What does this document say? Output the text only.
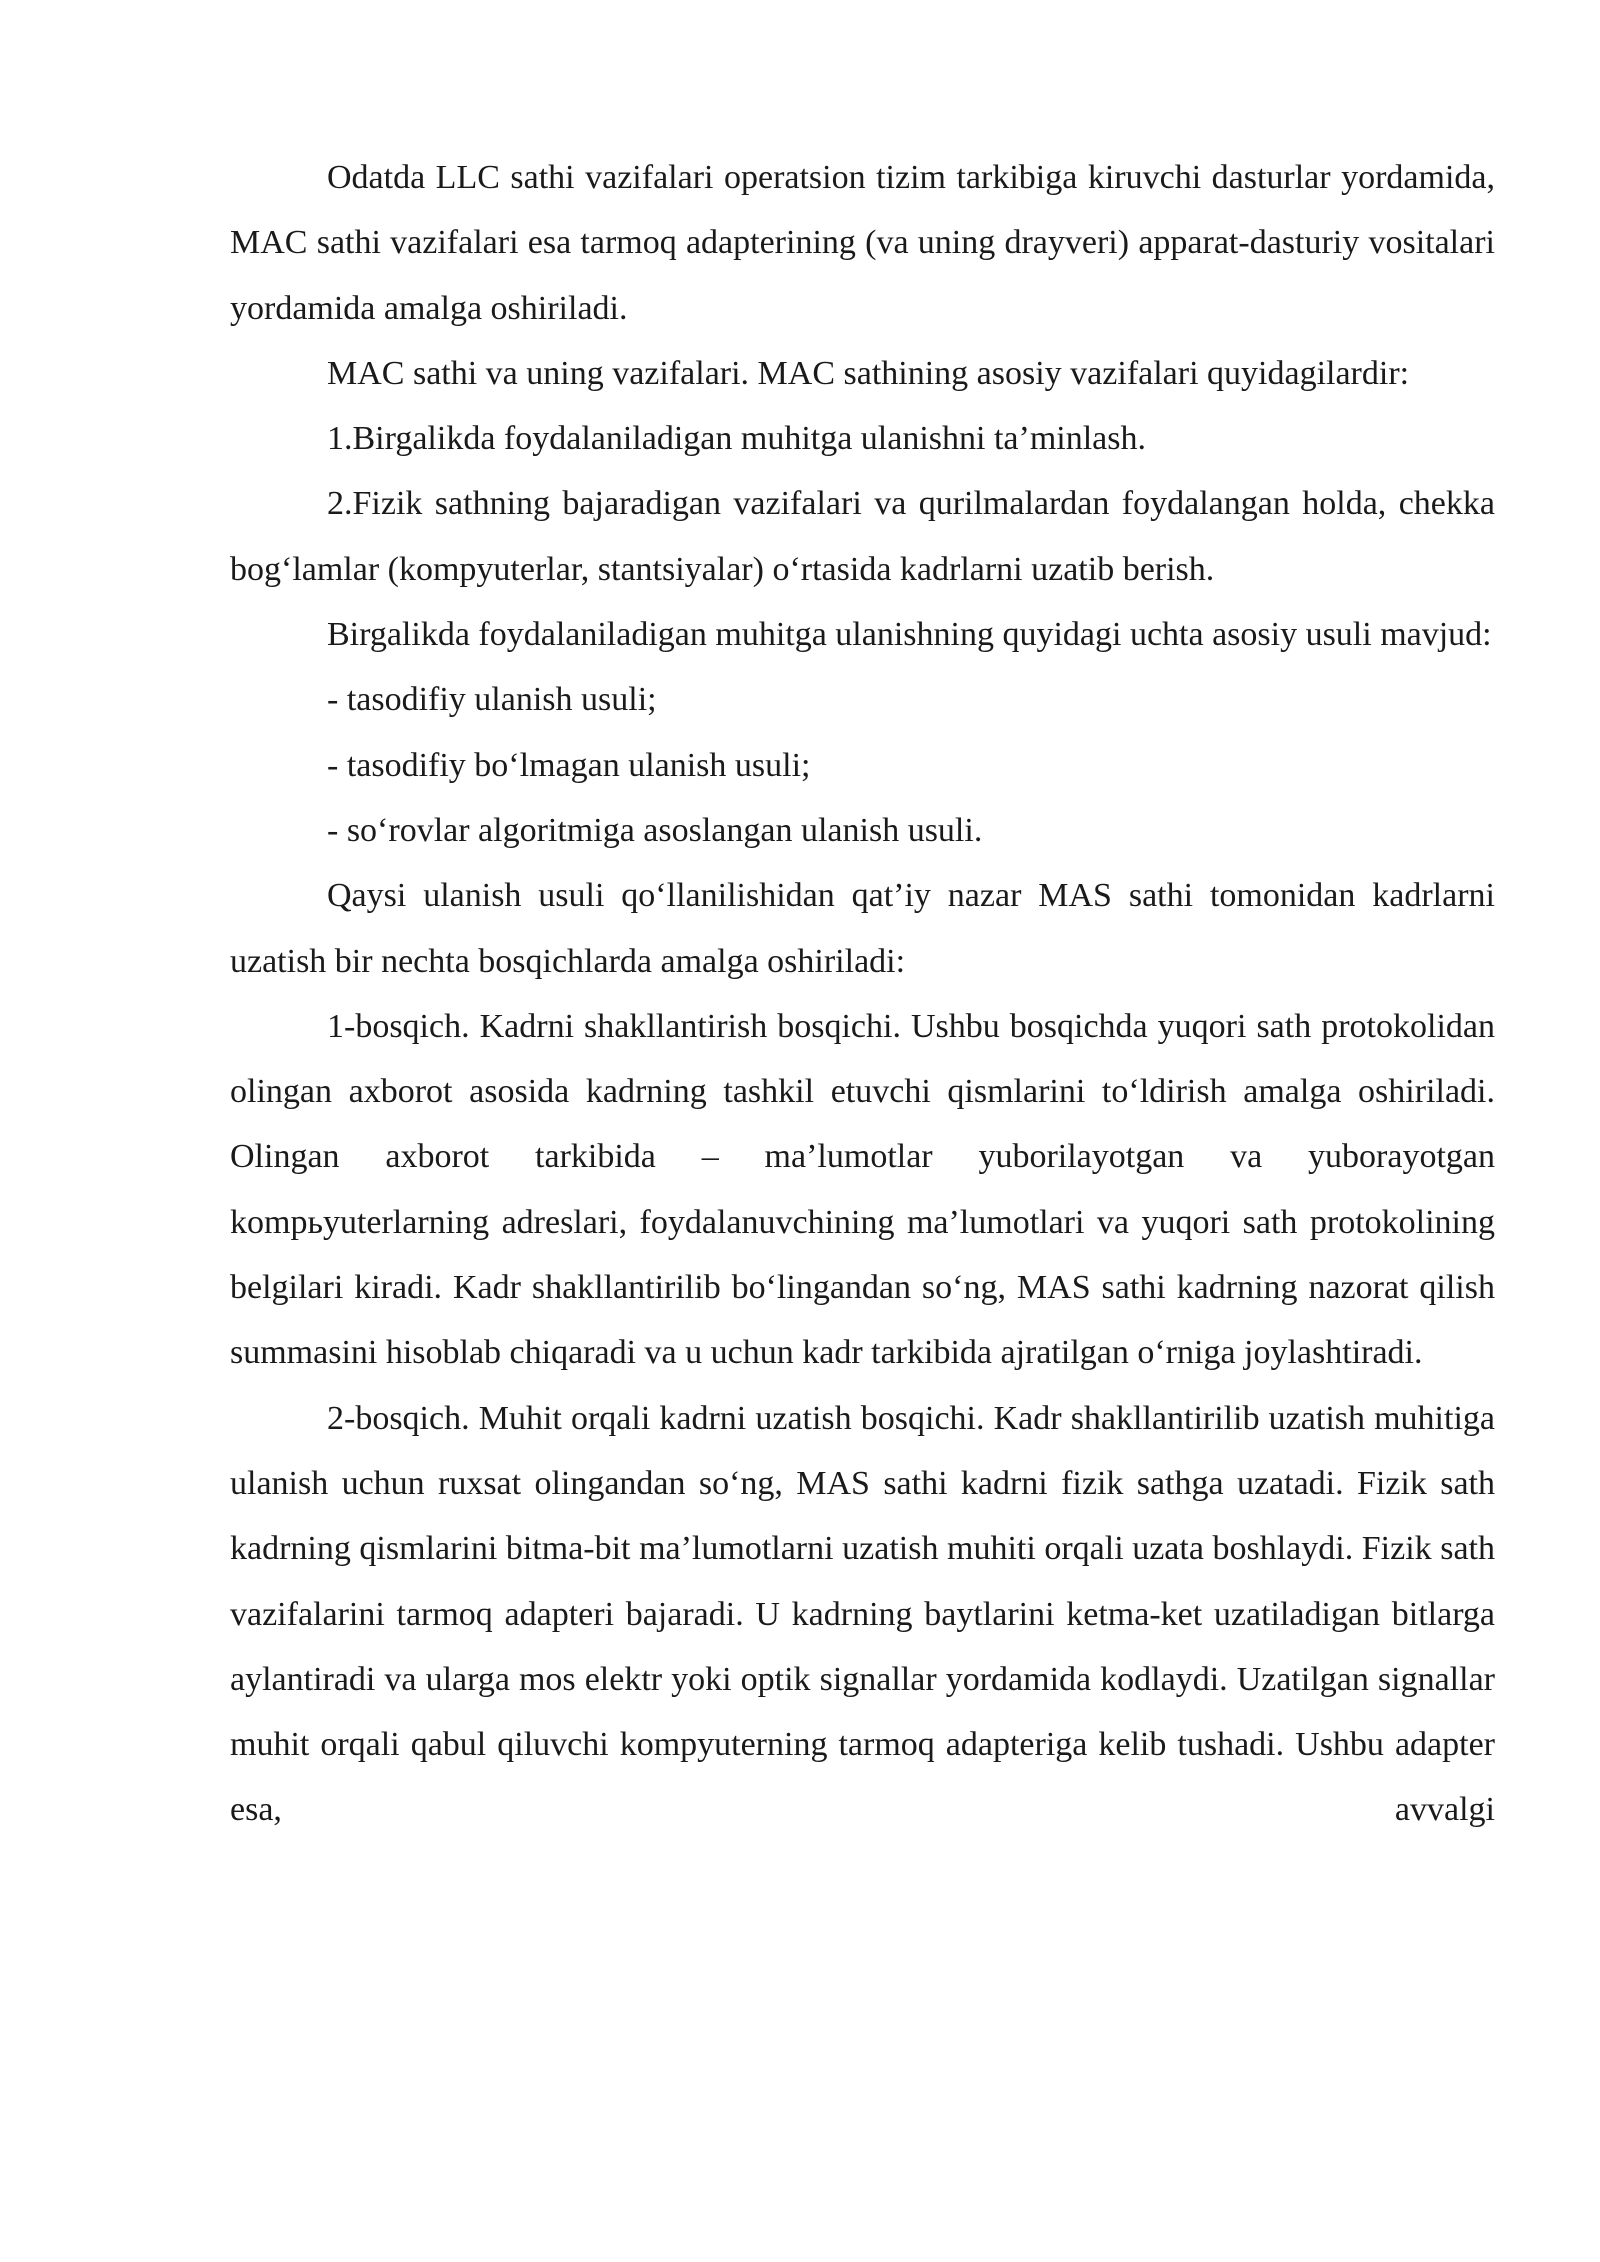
Odatda LLC sathi vazifalari operatsion tizim tarkibiga kiruvchi dasturlar yordamida, MAC sathi vazifalari esa tarmoq adapterining (va uning drayveri) apparat-dasturiy vositalari yordamida amalga oshiriladi.

MAC sathi va uning vazifalari. MAC sathining asosiy vazifalari quyidagilardir:

1.Birgalikda foydalaniladigan muhitga ulanishni ta’minlash.

2.Fizik sathning bajaradigan vazifalari va qurilmalardan foydalangan holda, chekka bog‘lamlar (kompyuterlar, stantsiyalar) o‘rtasida kadrlarni uzatib berish.

Birgalikda foydalaniladigan muhitga ulanishning quyidagi uchta asosiy usuli mavjud:

- tasodifiy ulanish usuli;

- tasodifiy bo‘lmagan ulanish usuli;

- so‘rovlar algoritmiga asoslangan ulanish usuli.

Qaysi ulanish usuli qo‘llanilishidan qat’iy nazar MAS sathi tomonidan kadrlarni uzatish bir nechta bosqichlarda amalga oshiriladi:

1-bosqich. Kadrni shakllantirish bosqichi. Ushbu bosqichda yuqori sath protokolidan olingan axborot asosida kadrning tashkil etuvchi qismlarini to‘ldirish amalga oshiriladi. Olingan axborot tarkibida – ma’lumotlar yuborilayotgan va yuborayotgan kompьyuterlarning adreslari, foydalanuvchining ma’lumotlari va yuqori sath protokolining belgilari kiradi. Kadr shakllantirilib bo‘lingandan so‘ng, MAS sathi kadrning nazorat qilish summasini hisoblab chiqaradi va u uchun kadr tarkibida ajratilgan o‘rniga joylashtiradi.

2-bosqich. Muhit orqali kadrni uzatish bosqichi. Kadr shakllantirilib uzatish muhitiga ulanish uchun ruxsat olingandan so‘ng, MAS sathi kadrni fizik sathga uzatadi. Fizik sath kadrning qismlarini bitma-bit ma’lumotlarni uzatish muhiti orqali uzata boshlaydi. Fizik sath vazifalarini tarmoq adapteri bajaradi. U kadrning baytlarini ketma-ket uzatiladigan bitlarga aylantiradi va ularga mos elektr yoki optik signallar yordamida kodlaydi. Uzatilgan signallar muhit orqali qabul qiluvchi kompyuterning tarmoq adapteriga kelib tushadi. Ushbu adapter esa, avvalgi
